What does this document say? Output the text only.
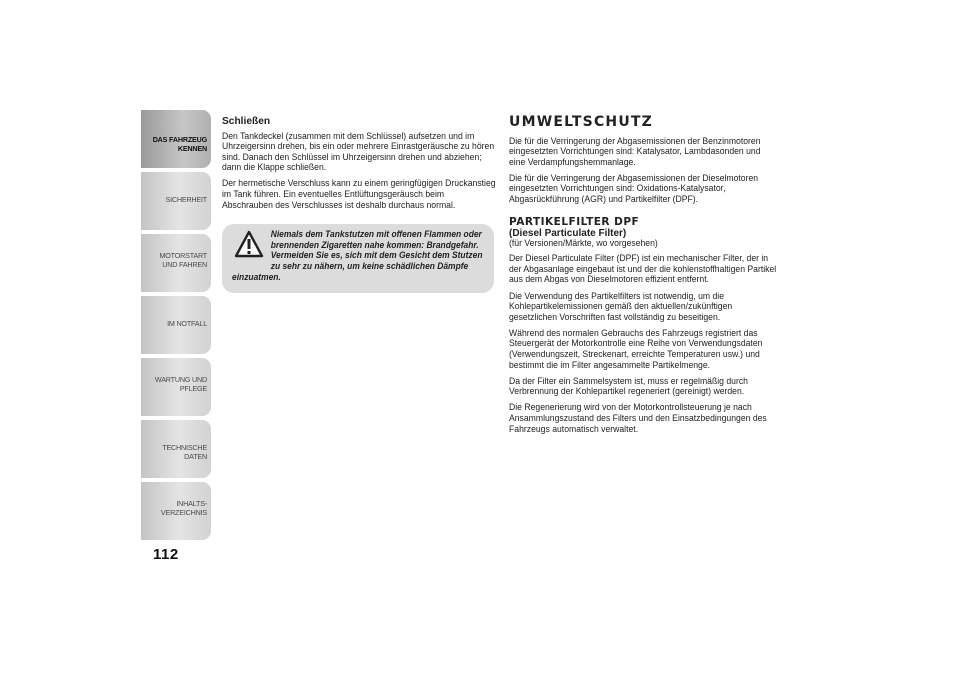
DAS FAHRZEUG KENNEN
SICHERHEIT
MOTORSTART UND FAHREN
IM NOTFALL
WARTUNG UND PFLEGE
TECHNISCHE DATEN
INHALTS-VERZEICHNIS
112
Schließen

Den Tankdeckel (zusammen mit dem Schlüssel) aufsetzen und im Uhrzeigersinn drehen, bis ein oder mehrere Einrastgeräusche zu hören sind. Danach den Schlüssel im Uhrzeigersinn drehen und abziehen; dann die Klappe schließen.

Der hermetische Verschluss kann zu einem geringfügigen Druckanstieg im Tank führen. Ein eventuelles Entlüftungsgeräusch beim Abschrauben des Verschlusses ist deshalb durchaus normal.

Niemals dem Tankstutzen mit offenen Flammen oder brennenden Zigaretten nahe kommen: Brandgefahr. Vermeiden Sie es, sich mit dem Gesicht dem Stutzen zu sehr zu nähern, um keine schädlichen Dämpfe einzuatmen.
UMWELTSCHUTZ

Die für die Verringerung der Abgasemissionen der Benzinmotoren eingesetzten Vorrichtungen sind: Katalysator, Lambdasonden und eine Verdampfungshemmanlage.

Die für die Verringerung der Abgasemissionen der Dieselmotoren eingesetzten Vorrichtungen sind: Oxidations-Katalysator, Abgasrückführung (AGR) und Partikelfilter (DPF).

PARTIKELFILTER DPF
(Diesel Particulate Filter)

(für Versionen/Märkte, wo vorgesehen)

Der Diesel Particulate Filter (DPF) ist ein mechanischer Filter, der in der Abgasanlage eingebaut ist und der die kohlenstoffhaltigen Partikel aus dem Abgas von Dieselmotoren effizient entfernt.

Die Verwendung des Partikelfilters ist notwendig, um die Kohlepartikelemissionen gemäß den aktuellen/zukünftigen gesetzlichen Vorschriften fast vollständig zu beseitigen.

Während des normalen Gebrauchs des Fahrzeugs registriert das Steuergerät der Motorkontrolle eine Reihe von Verwendungsdaten (Verwendungszeit, Streckenart, erreichte Temperaturen usw.) und bestimmt die im Filter angesammelte Partikelmenge.

Da der Filter ein Sammelsystem ist, muss er regelmäßig durch Verbrennung der Kohlepartikel regeneriert (gereinigt) werden.

Die Regenerierung wird von der Motorkontrollsteuerung je nach Ansammlungszustand des Filters und den Einsatzbedingungen des Fahrzeugs automatisch verwaltet.
